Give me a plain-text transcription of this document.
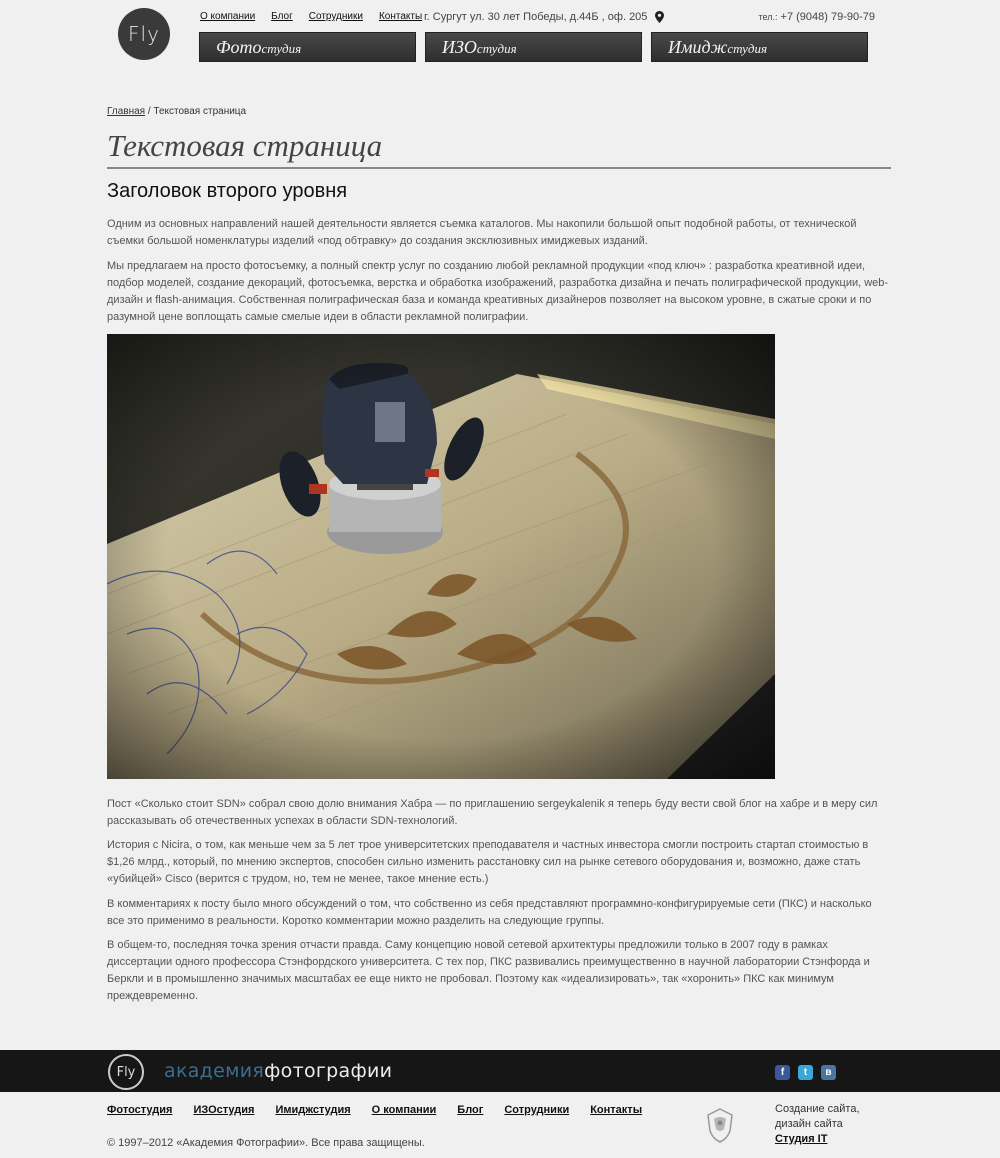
Fly
О компании Блог Сотрудники Контакты г. Сургут ул. 30 лет Победы, д.44Б , оф. 205	тел.: +7 (9048) 79-90-79
Фотостудия	ИЗОстудия	Имиджстудия
Главная / Текстовая страница
Текстовая страница
Заголовок второго уровня

Одним из основных направлений нашей деятельности является съемка каталогов. Мы накопили большой опыт подобной работы, от технической съемки большой номенклатуры изделий «под обтравку» до создания эксклюзивных имиджевых изданий.

Мы предлагаем на просто фотосъемку, а полный спектр услуг по созданию любой рекламной продукции «под ключ» : разработка креативной идеи, подбор моделей, создание декораций, фотосъемка, верстка и обработка изображений, разработка дизайна и печать полиграфической продукции, web-дизайн и flash-анимация. Собственная полиграфическая база и команда креативных дизайнеров позволяет на высоком уровне, в сжатые сроки и по разумной цене воплощать самые смелые идеи в области рекламной полиграфии.

Пост «Сколько стоит SDN» собрал свою долю внимания Хабра — по приглашению sergeykalenik я теперь буду вести свой блог на хабре и в меру сил рассказывать об отечественных успехах в области SDN-технологий.

История с Nicira, о том, как меньше чем за 5 лет трое университетских преподавателя и частных инвестора смогли построить стартап стоимостью в $1,26 млрд., который, по мнению экспертов, способен сильно изменить расстановку сил на рынке сетевого оборудования и, возможно, даже стать «убийцей» Cisco (верится с трудом, но, тем не менее, такое мнение есть.)

В комментариях к посту было много обсуждений о том, что собственно из себя представляют программно-конфигурируемые сети (ПКС) и насколько все это применимо в реальности. Коротко комментарии можно разделить на следующие группы.

В общем-то, последняя точка зрения отчасти правда. Саму концепцию новой сетевой архитектуры предложили только в 2007 году в рамках диссертации одного профессора Стэнфордского университета. С тех пор, ПКС развивались преимущественно в научной лаборатории Стэнфорда и Беркли и в промышленно значимых масштабах ее еще никто не пробовал. Поэтому как «идеализировать», так «хоронить» ПКС как минимум преждевременно.

Fly академияфотографии	f	t	в
Фотостудия ИЗОстудия Имиджстудия О компании Блог Сотрудники Контакты
© 1997–2012 «Академия Фотографии». Все права защищены.
Создание сайта,
дизайн сайта
Студия IT
